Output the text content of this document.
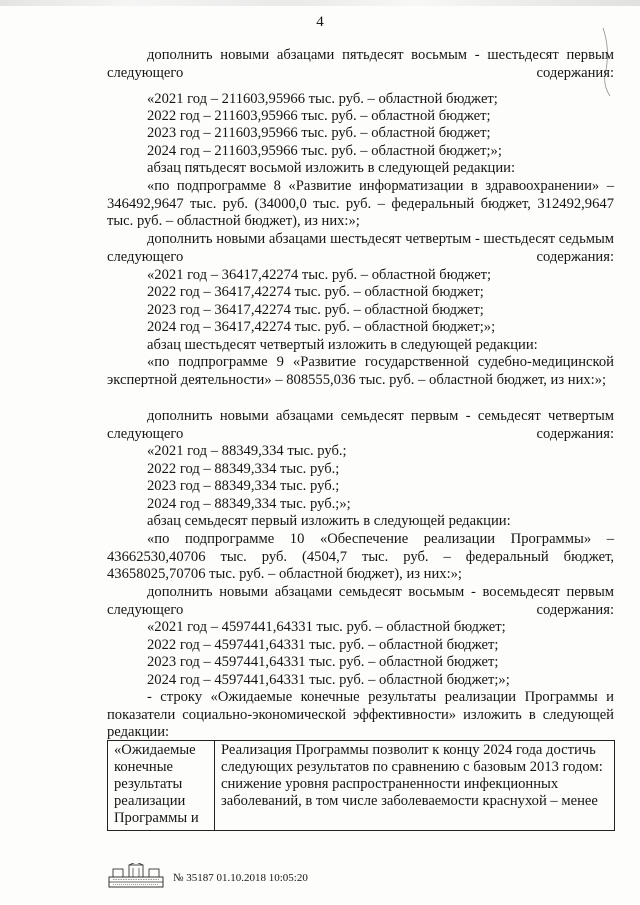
4
дополнить новыми абзацами пятьдесят восьмым - шестьдесят первым следующего содержания:
«2021 год – 211603,95966 тыс. руб. – областной бюджет;
2022 год – 211603,95966 тыс. руб. – областной бюджет;
2023 год – 211603,95966 тыс. руб. – областной бюджет;
2024 год – 211603,95966 тыс. руб. – областной бюджет;»;
абзац пятьдесят восьмой изложить в следующей редакции:
«по подпрограмме 8 «Развитие информатизации в здравоохранении» – 346492,9647 тыс. руб. (34000,0 тыс. руб. – федеральный бюджет, 312492,9647 тыс. руб. – областной бюджет), из них:»;
дополнить новыми абзацами шестьдесят четвертым - шестьдесят седьмым следующего содержания:
«2021 год – 36417,42274 тыс. руб. – областной бюджет;
2022 год – 36417,42274 тыс. руб. – областной бюджет;
2023 год – 36417,42274 тыс. руб. – областной бюджет;
2024 год – 36417,42274 тыс. руб. – областной бюджет;»;
абзац шестьдесят четвертый изложить в следующей редакции:
«по подпрограмме 9 «Развитие государственной судебно-медицинской экспертной деятельности» – 808555,036 тыс. руб. – областной бюджет, из них:»;
дополнить новыми абзацами семьдесят первым - семьдесят четвертым следующего содержания:
«2021 год – 88349,334 тыс. руб.;
2022 год – 88349,334 тыс. руб.;
2023 год – 88349,334 тыс. руб.;
2024 год – 88349,334 тыс. руб.;»;
абзац семьдесят первый изложить в следующей редакции:
«по подпрограмме 10 «Обеспечение реализации Программы» – 43662530,40706 тыс. руб. (4504,7 тыс. руб. – федеральный бюджет, 43658025,70706 тыс. руб. – областной бюджет), из них:»;
дополнить новыми абзацами семьдесят восьмым - восемьдесят первым следующего содержания:
«2021 год – 4597441,64331 тыс. руб. – областной бюджет;
2022 год – 4597441,64331 тыс. руб. – областной бюджет;
2023 год – 4597441,64331 тыс. руб. – областной бюджет;
2024 год – 4597441,64331 тыс. руб. – областной бюджет;»;
- строку «Ожидаемые конечные результаты реализации Программы и показатели социально-экономической эффективности» изложить в следующей редакции:
«Ожидаемые конечные результаты реализации Программы и	Реализация Программы позволит к концу 2024 года достичь следующих результатов по сравнению с базовым 2013 годом: снижение уровня распространенности инфекционных заболеваний, в том числе заболеваемости краснухой – менее
№ 35187 01.10.2018 10:05:20
